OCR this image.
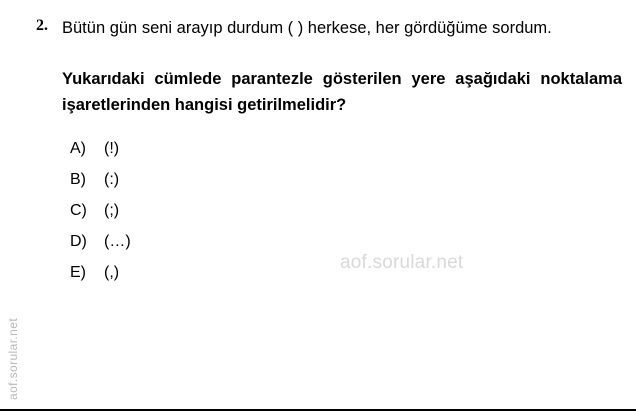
aof.sorular.net
aof.sorular.net
2. Bütün gün seni arayıp durdum ( ) herkese, her gördüğüme sordum.
Yukarıdaki cümlede parantezle gösterilen yere aşağıdaki noktalama işaretlerinden hangisi getirilmelidir?
A)	(!)
B)	(:)
C)	(;)
D)	(…)
E)	(,)
